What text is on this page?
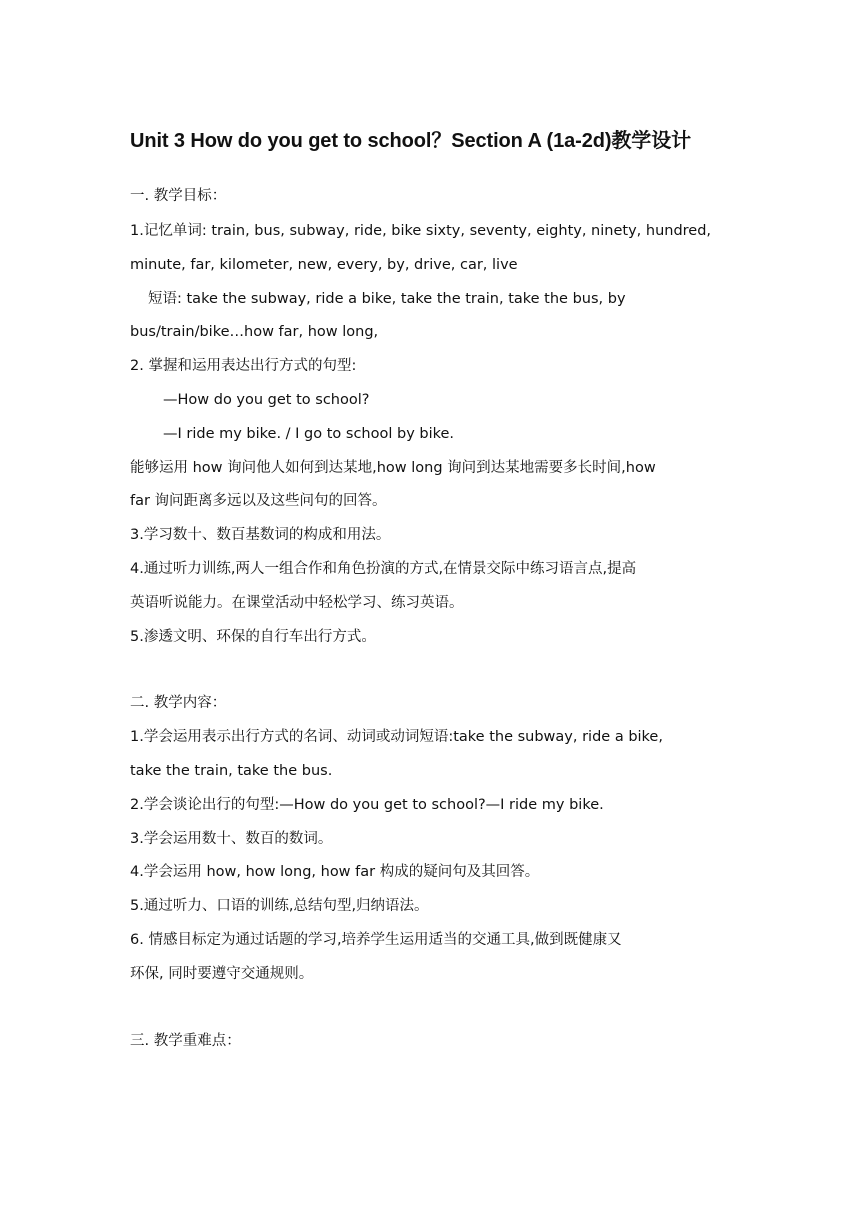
Unit 3 How do you get to school？Section A (1a-2d)教学设计
一. 教学目标：
1.记忆单词: train, bus, subway, ride, bike sixty, seventy, eighty, ninety, hundred,
minute, far, kilometer, new, every, by, drive, car, live
短语: take the subway, ride a bike, take the train, take the bus, by
bus/train/bike…how far, how long,
2. 掌握和运用表达出行方式的句型:
—How do you get to school?
—I ride my bike. / I go to school by bike.
能够运用 how 询问他人如何到达某地,how long 询问到达某地需要多长时间,how
far 询问距离多远以及这些问句的回答。
3.学习数十、数百基数词的构成和用法。
4.通过听力训练,两人一组合作和角色扮演的方式,在情景交际中练习语言点,提高
英语听说能力。在课堂活动中轻松学习、练习英语。
5.渗透文明、环保的自行车出行方式。
二. 教学内容：
1.学会运用表示出行方式的名词、动词或动词短语:take the subway, ride a bike,
take the train, take the bus.
2.学会谈论出行的句型:—How do you get to school?—I ride my bike.
3.学会运用数十、数百的数词。
4.学会运用 how, how long, how far 构成的疑问句及其回答。
5.通过听力、口语的训练,总结句型,归纳语法。
6. 情感目标定为通过话题的学习,培养学生运用适当的交通工具,做到既健康又
环保, 同时要遵守交通规则。
三. 教学重难点：
